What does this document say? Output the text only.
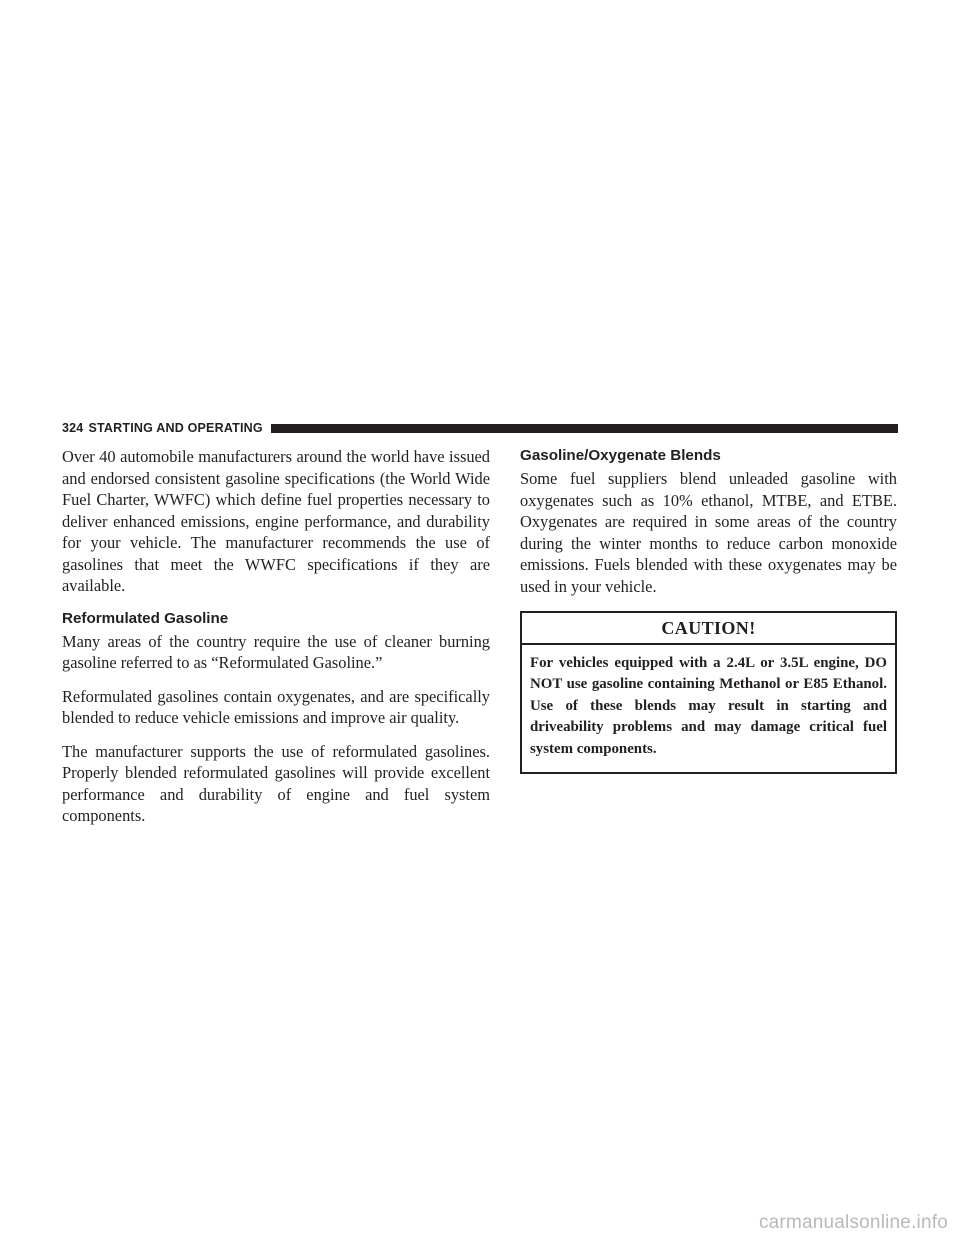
324 STARTING AND OPERATING

Over 40 automobile manufacturers around the world have issued and endorsed consistent gasoline specifications (the World Wide Fuel Charter, WWFC) which define fuel properties necessary to deliver enhanced emissions, engine performance, and durability for your vehicle. The manufacturer recommends the use of gasolines that meet the WWFC specifications if they are available.

Reformulated Gasoline

Many areas of the country require the use of cleaner burning gasoline referred to as “Reformulated Gasoline.”

Reformulated gasolines contain oxygenates, and are specifically blended to reduce vehicle emissions and improve air quality.

The manufacturer supports the use of reformulated gasolines. Properly blended reformulated gasolines will provide excellent performance and durability of engine and fuel system components.

Gasoline/Oxygenate Blends

Some fuel suppliers blend unleaded gasoline with oxygenates such as 10% ethanol, MTBE, and ETBE. Oxygenates are required in some areas of the country during the winter months to reduce carbon monoxide emissions. Fuels blended with these oxygenates may be used in your vehicle.

CAUTION!
For vehicles equipped with a 2.4L or 3.5L engine, DO NOT use gasoline containing Methanol or E85 Ethanol. Use of these blends may result in starting and driveability problems and may damage critical fuel system components.
carmanualsonline.info
